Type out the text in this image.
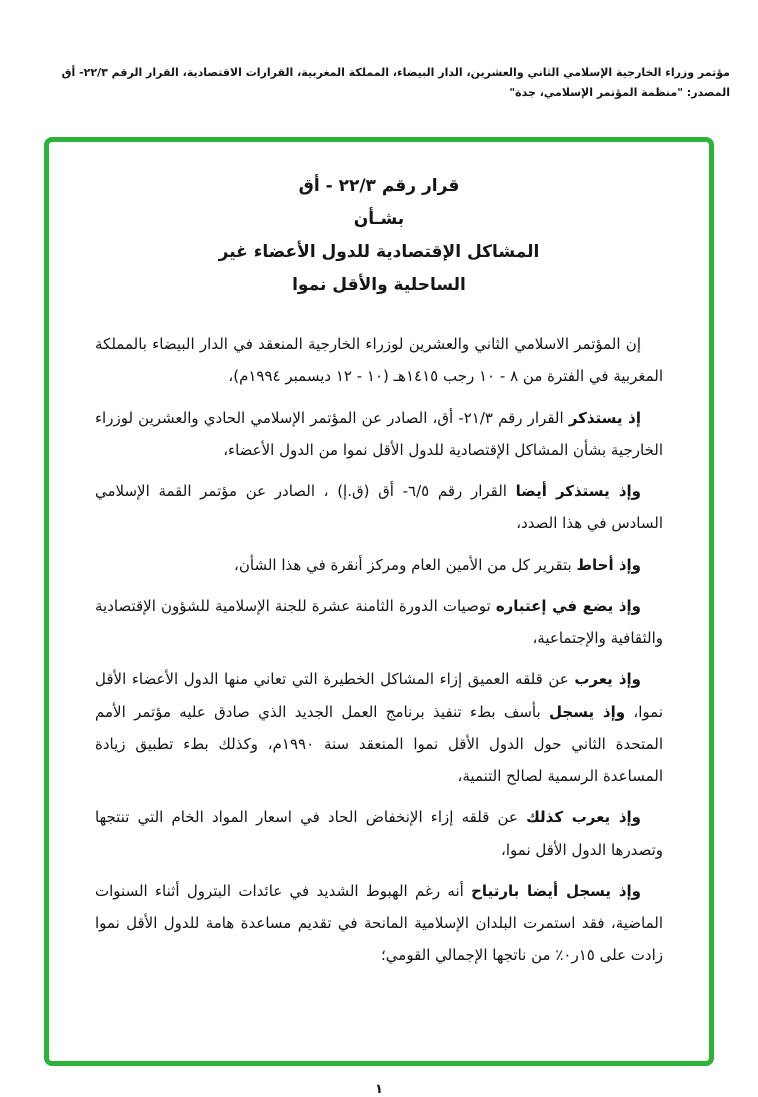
مؤتمر وزراء الخارجية الإسلامي الثاني والعشرين، الدار البيضاء، المملكة المغربية، القرارات الاقتصادية، القرار الرقم ٢٢/٣- أق
المصدر: "منظمة المؤتمر الإسلامي، جدة"
قرار رقم ٢٢/٣ - أق
بشـأن
المشاكل الإقتصادية للدول الأعضاء غير
الساحلية والأقل نموا

إن المؤتمر الاسلامي الثاني والعشرين لوزراء الخارجية المنعقد في الدار البيضاء بالمملكة المغربية في الفترة من ٨ - ١٠ رجب ١٤١٥هـ (١٠ - ١٢ ديسمبر ١٩٩٤م)،

إذ يستذكر القرار رقم ٢١/٣- أق، الصادر عن المؤتمر الإسلامي الحادي والعشرين لوزراء الخارجية بشأن المشاكل الإقتصادية للدول الأقل نموا من الدول الأعضاء،

وإذ يستذكر أيضا القرار رقم ٦/٥- أق (ق.إ) ، الصادر عن مؤتمر القمة الإسلامي السادس في هذا الصدد،

وإذ أحاط بتقرير كل من الأمين العام ومركز أنقرة في هذا الشأن،

وإذ يضع في إعتباره توصيات الدورة الثامنة عشرة للجنة الإسلامية للشؤون الإقتصادية والثقافية والإجتماعية،

وإذ يعرب عن قلقه العميق إزاء المشاكل الخطيرة التي تعاني منها الدول الأعضاء الأقل نموا، وإذ يسجل بأسف بطء تنفيذ برنامج العمل الجديد الذي صادق عليه مؤتمر الأمم المتحدة الثاني حول الدول الأقل نموا المنعقد سنة ١٩٩٠م، وكذلك بطء تطبيق زيادة المساعدة الرسمية لصالح التنمية،

وإذ يعرب كذلك عن قلقه إزاء الإنخفاض الحاد في اسعار المواد الخام التي تنتجها وتصدرها الدول الأقل نموا،

وإذ يسجل أيضا بارتياح أنه رغم الهبوط الشديد في عائدات البترول أثناء السنوات الماضية، فقد استمرت البلدان الإسلامية المانحة في تقديم مساعدة هامة للدول الأقل نموا زادت على ١٥ر٠٪ من ناتجها الإجمالي القومي؛

١
